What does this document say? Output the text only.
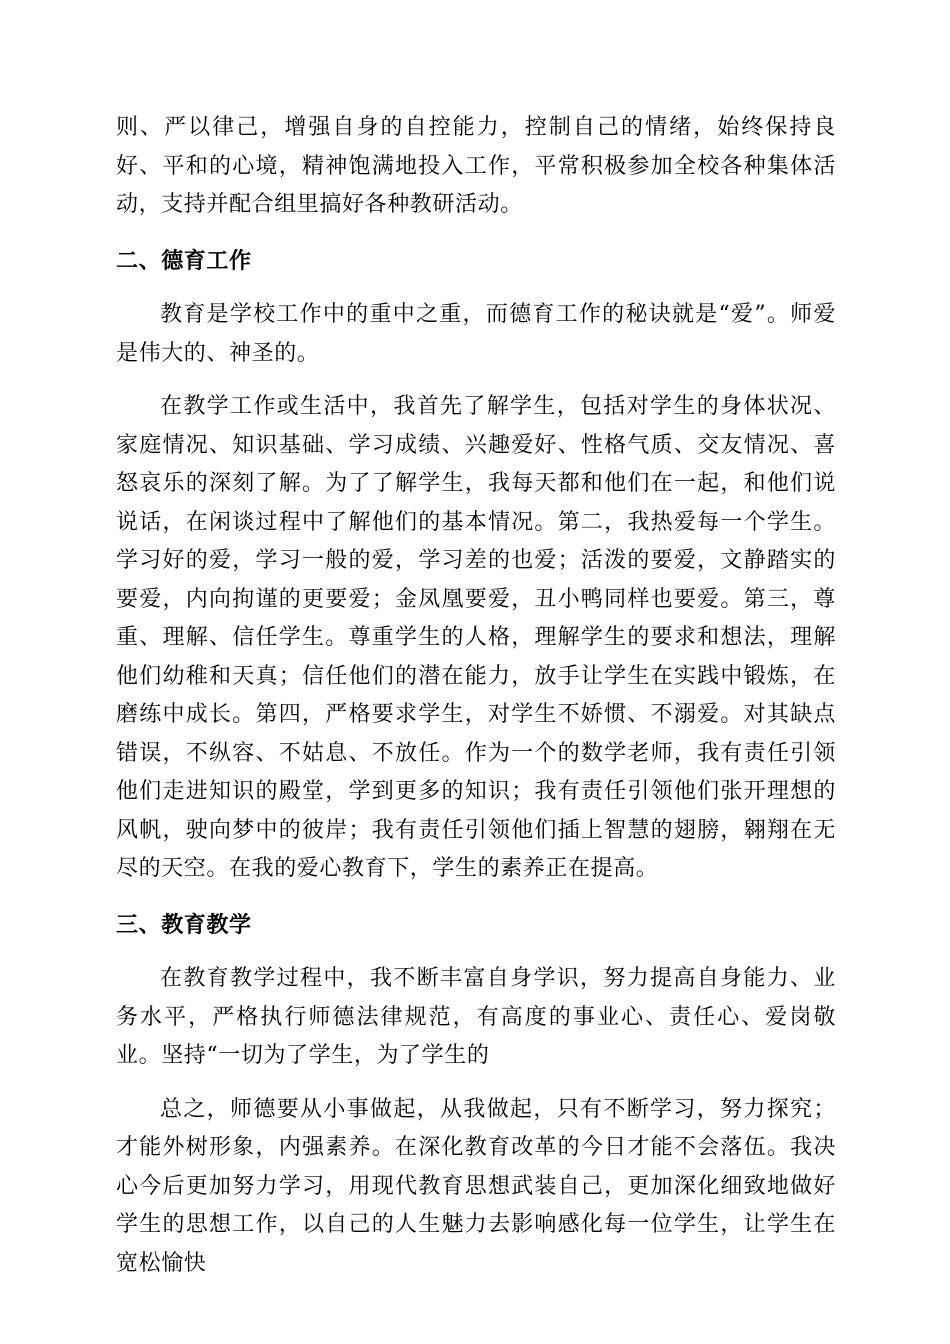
则、严以律己，增强自身的自控能力，控制自己的情绪，始终保持良好、平和的心境，精神饱满地投入工作，平常积极参加全校各种集体活动，支持并配合组里搞好各种教研活动。

二、德育工作

教育是学校工作中的重中之重，而德育工作的秘诀就是“爱”。师爱是伟大的、神圣的。

在教学工作或生活中，我首先了解学生，包括对学生的身体状况、家庭情况、知识基础、学习成绩、兴趣爱好、性格气质、交友情况、喜怒哀乐的深刻了解。为了了解学生，我每天都和他们在一起，和他们说说话，在闲谈过程中了解他们的基本情况。第二，我热爱每一个学生。学习好的爱，学习一般的爱，学习差的也爱；活泼的要爱，文静踏实的要爱，内向拘谨的更要爱；金凤凰要爱，丑小鸭同样也要爱。第三，尊重、理解、信任学生。尊重学生的人格，理解学生的要求和想法，理解他们幼稚和天真；信任他们的潜在能力，放手让学生在实践中锻炼，在磨练中成长。第四，严格要求学生，对学生不娇惯、不溺爱。对其缺点错误，不纵容、不姑息、不放任。作为一个的数学老师，我有责任引领他们走进知识的殿堂，学到更多的知识；我有责任引领他们张开理想的风帆，驶向梦中的彼岸；我有责任引领他们插上智慧的翅膀，翱翔在无尽的天空。在我的爱心教育下，学生的素养正在提高。

三、教育教学

在教育教学过程中，我不断丰富自身学识，努力提高自身能力、业务水平，严格执行师德法律规范，有高度的事业心、责任心、爱岗敬业。坚持“一切为了学生，为了学生的

总之，师德要从小事做起，从我做起，只有不断学习，努力探究；才能外树形象，内强素养。在深化教育改革的今日才能不会落伍。我决心今后更加努力学习，用现代教育思想武装自己，更加深化细致地做好学生的思想工作，以自己的人生魅力去影响感化每一位学生，让学生在宽松愉快
